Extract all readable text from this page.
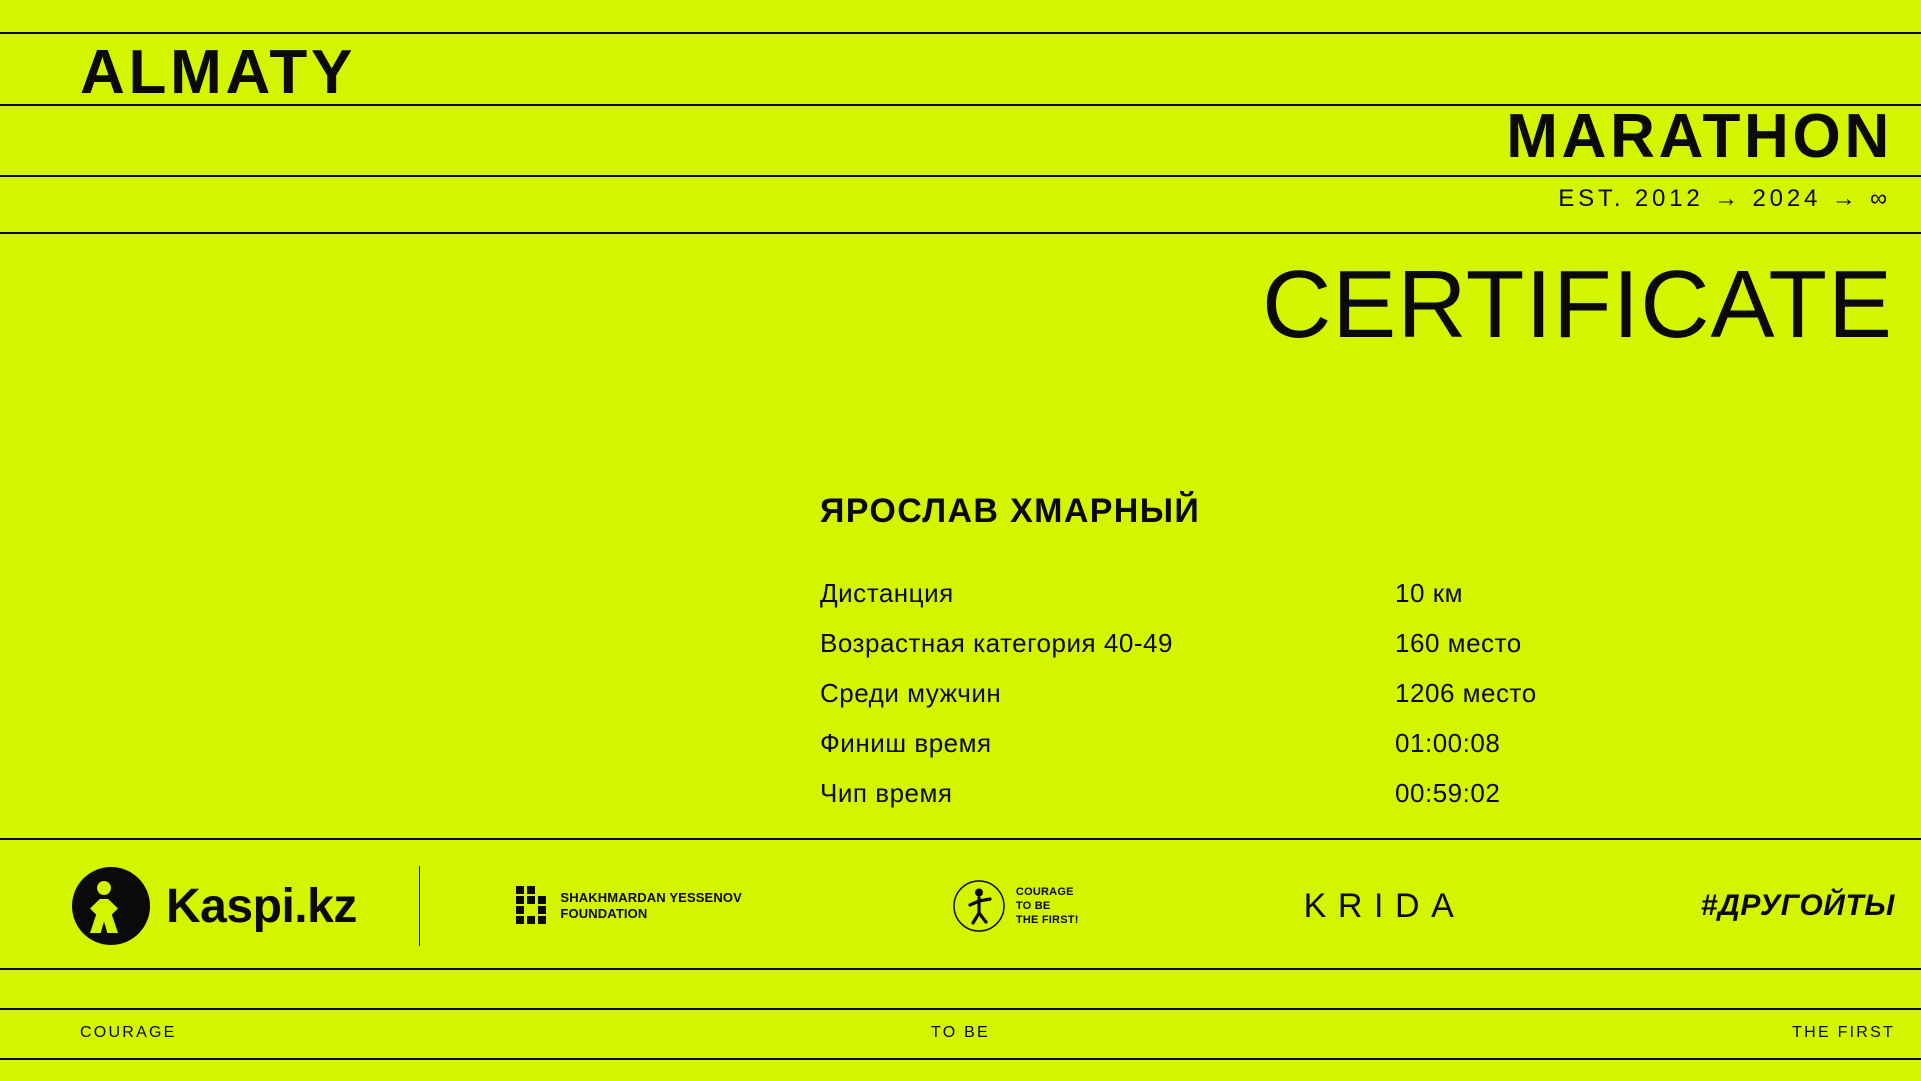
ALMATY
MARATHON
EST. 2012 → 2024 → ∞
CERTIFICATE
ЯРОСЛАВ ХМАРНЫЙ
Дистанция	10 км
Возрастная категория 40-49	160 место
Среди мужчин	1206 место
Финиш время	01:00:08
Чип время	00:59:02
Kaspi.kz	SHAKHMARDAN YESSENOV
FOUNDATION
COURAGE
TO BE
THE FIRST!	KRIDA	#ДРУГОЙТЫ
COURAGE	TO BE	THE FIRST
